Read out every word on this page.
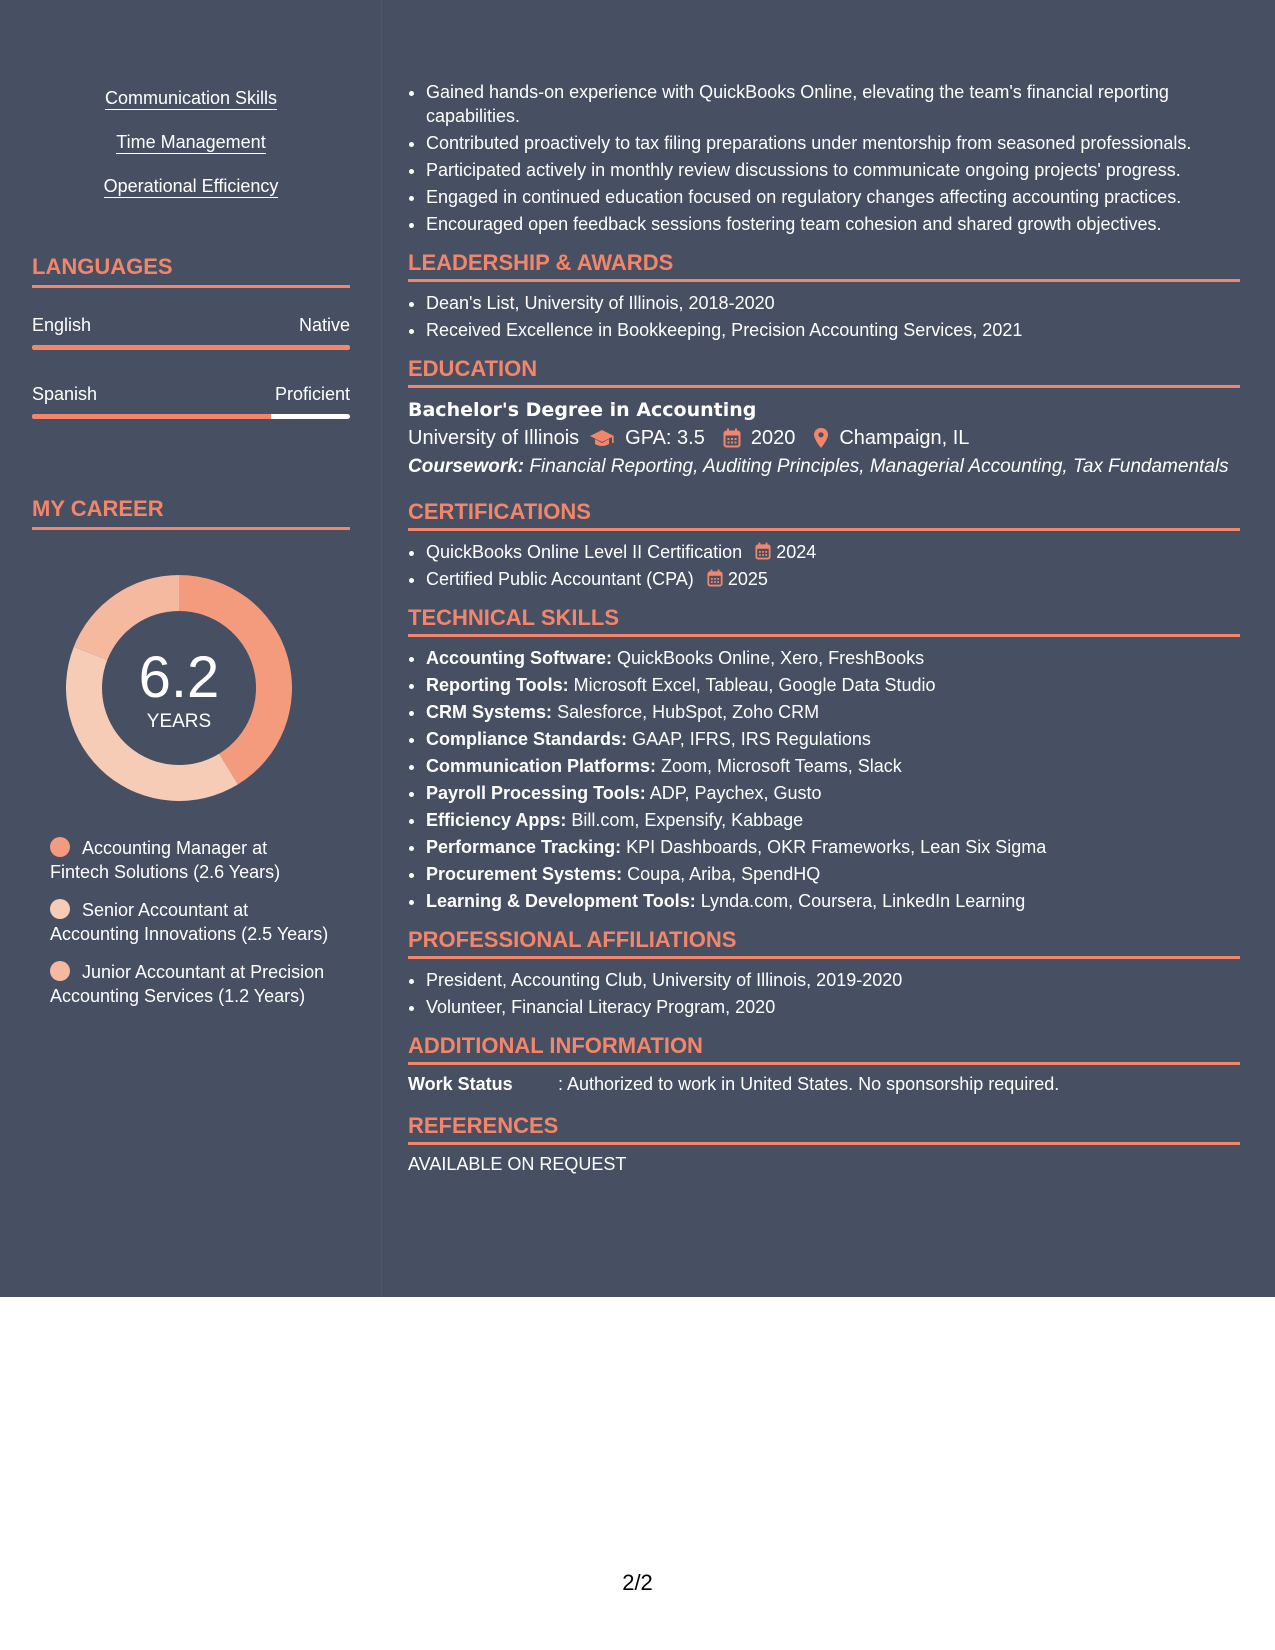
Communication Skills
Time Management
Operational Efficiency
LANGUAGES
English	Native
Spanish	Proficient
MY CAREER
6.2
YEARS
Accounting Manager at Fintech Solutions (2.6 Years)
Senior Accountant at Accounting Innovations (2.5 Years)
Junior Accountant at Precision Accounting Services (1.2 Years)
• Gained hands-on experience with QuickBooks Online, elevating the team's financial reporting capabilities.
• Contributed proactively to tax filing preparations under mentorship from seasoned professionals.
• Participated actively in monthly review discussions to communicate ongoing projects' progress.
• Engaged in continued education focused on regulatory changes affecting accounting practices.
• Encouraged open feedback sessions fostering team cohesion and shared growth objectives.
LEADERSHIP & AWARDS
• Dean's List, University of Illinois, 2018-2020
• Received Excellence in Bookkeeping, Precision Accounting Services, 2021
EDUCATION
Bachelor's Degree in Accounting
University of Illinois GPA: 3.5 2020 Champaign, IL
Coursework: Financial Reporting, Auditing Principles, Managerial Accounting, Tax Fundamentals
CERTIFICATIONS
• QuickBooks Online Level II Certification 2024
• Certified Public Accountant (CPA) 2025
TECHNICAL SKILLS
• Accounting Software: QuickBooks Online, Xero, FreshBooks
• Reporting Tools: Microsoft Excel, Tableau, Google Data Studio
• CRM Systems: Salesforce, HubSpot, Zoho CRM
• Compliance Standards: GAAP, IFRS, IRS Regulations
• Communication Platforms: Zoom, Microsoft Teams, Slack
• Payroll Processing Tools: ADP, Paychex, Gusto
• Efficiency Apps: Bill.com, Expensify, Kabbage
• Performance Tracking: KPI Dashboards, OKR Frameworks, Lean Six Sigma
• Procurement Systems: Coupa, Ariba, SpendHQ
• Learning & Development Tools: Lynda.com, Coursera, LinkedIn Learning
PROFESSIONAL AFFILIATIONS
• President, Accounting Club, University of Illinois, 2019-2020
• Volunteer, Financial Literacy Program, 2020
ADDITIONAL INFORMATION
Work Status	: Authorized to work in United States. No sponsorship required.
REFERENCES
AVAILABLE ON REQUEST
2/2
